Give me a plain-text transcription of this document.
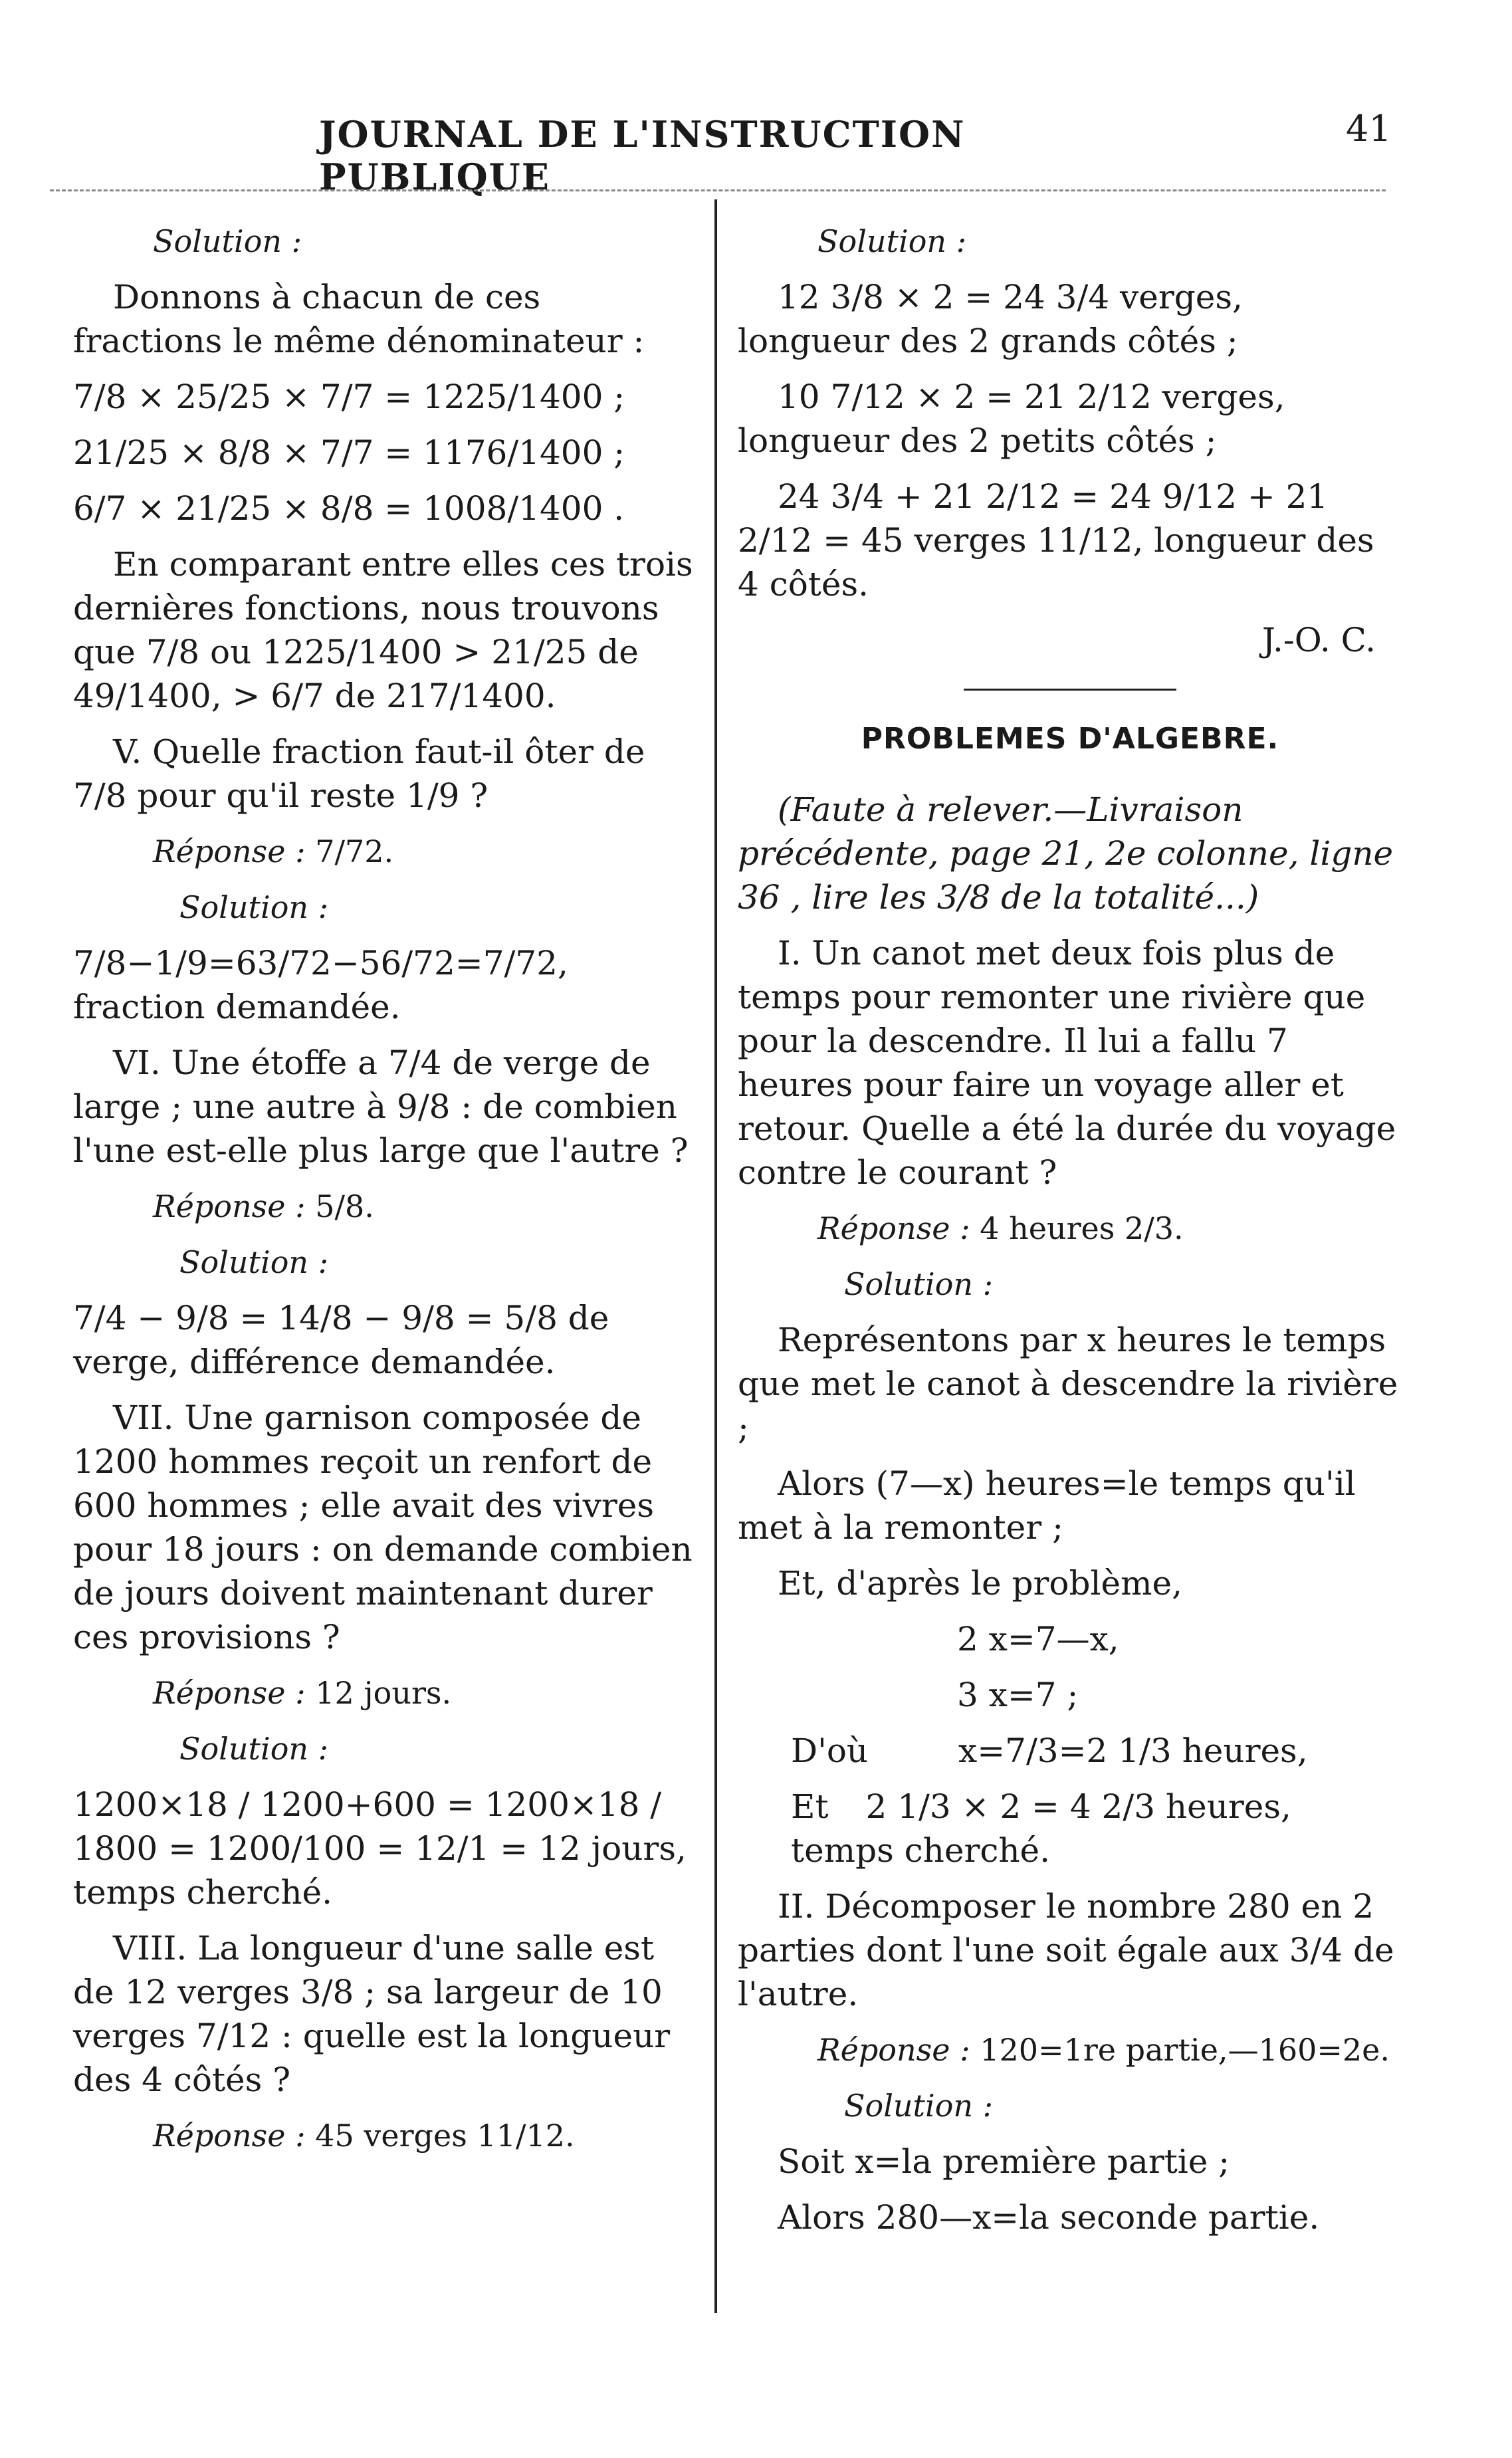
JOURNAL DE L'INSTRUCTION PUBLIQUE
41
Solution :
Donnons à chacun de ces fractions le même dénominateur :
7/8 × 25/25 × 7/7 = 1225/1400 ;
21/25 × 8/8 × 7/7 = 1176/1400 ;
6/7 × 21/25 × 8/8 = 1008/1400 .
En comparant entre elles ces trois dernières fonctions, nous trouvons que 7/8 ou 1225/1400 > 21/25 de 49/1400, > 6/7 de 217/1400.
V. Quelle fraction faut-il ôter de 7/8 pour qu'il reste 1/9 ?
Réponse : 7/72.
Solution :
7/8−1/9=63/72−56/72=7/72, fraction demandée.
VI. Une étoffe a 7/4 de verge de large ; une autre à 9/8 : de combien l'une est-elle plus large que l'autre ?
Réponse : 5/8.
Solution :
7/4 − 9/8 = 14/8 − 9/8 = 5/8 de verge, différence demandée.
VII. Une garnison composée de 1200 hommes reçoit un renfort de 600 hommes ; elle avait des vivres pour 18 jours : on demande combien de jours doivent maintenant durer ces provisions ?
Réponse : 12 jours.
Solution :
1200×18 / 1200+600 = 1200×18 / 1800 = 1200/100 = 12/1 = 12 jours, temps cherché.
VIII. La longueur d'une salle est de 12 verges 3/8 ; sa largeur de 10 verges 7/12 : quelle est la longueur des 4 côtés ?
Réponse : 45 verges 11/12.
Solution :
12 3/8 × 2 = 24 3/4 verges, longueur des 2 grands côtés ;
10 7/12 × 2 = 21 2/12 verges, longueur des 2 petits côtés ;
24 3/4 + 21 2/12 = 24 9/12 + 21 2/12 = 45 verges 11/12, longueur des 4 côtés.
J.-O. C.
PROBLEMES D'ALGEBRE.
(Faute à relever.—Livraison précédente, page 21, 2e colonne, ligne 36 , lire les 3/8 de la totalité...)
I. Un canot met deux fois plus de temps pour remonter une rivière que pour la descendre. Il lui a fallu 7 heures pour faire un voyage aller et retour. Quelle a été la durée du voyage contre le courant ?
Réponse : 4 heures 2/3.
Solution :
Représentons par x heures le temps que met le canot à descendre la rivière ;
Alors (7—x) heures=le temps qu'il met à la remonter ;
Et, d'après le problème,
2 x=7—x,
3 x=7 ;
D'où	x=7/3=2 1/3 heures,
Et 2 1/3 × 2 = 4 2/3 heures, temps cherché.
II. Décomposer le nombre 280 en 2 parties dont l'une soit égale aux 3/4 de l'autre.
Réponse : 120=1re partie,—160=2e.
Solution :
Soit x=la première partie ;
Alors 280—x=la seconde partie.
